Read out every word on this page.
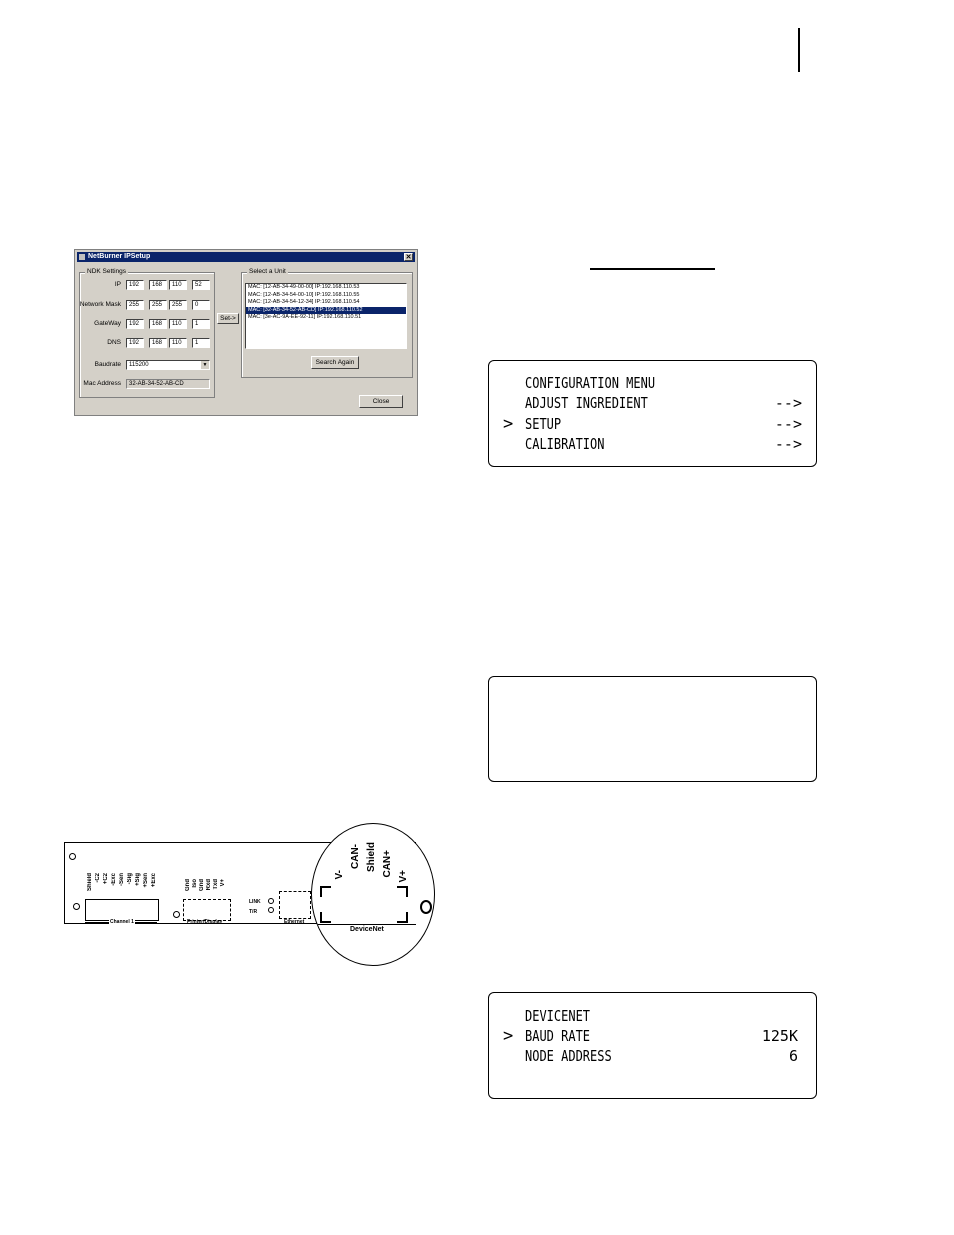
NetBurner IPSetup	✕
NDK Settings
Baudrate	115200	▼
Mac Address	32-AB-34-52-AB-CD
Set->
Select a Unit
MAC: [12-AB-34-49-00-00] IP:192.168.110.53
MAC: [12-AB-34-54-00-10] IP:192.168.110.55
MAC: [12-AB-34-54-12-34] IP:192.168.110.54
MAC: [32-AB-34-52-AB-CD] IP:192.168.110.52
MAC: [3e-AC-9A-EE-92-11] IP:192.168.110.51
Search Again
Close
IP	192	168	110	52
Network Mask	255	255	255	0
GateWay	192	168	110	1
DNS	192	168	110	1
>
CONFIGURATION MENU
ADJUST INGREDIENT	-->
SETUP	-->
CALIBRATION	-->
>
DEVICENET
BAUD RATE	125K
NODE ADDRESS	6
Channel 1	Printer/Display
LINK
T/R
Ethernet
Shield -C2 +C2 -Exc -Sen -Sig +Sig +Sen +Exc	Gnd Iso Gnd Rxd Txd V+
DeviceNet
V-
CAN- Shield CAN+ V+
